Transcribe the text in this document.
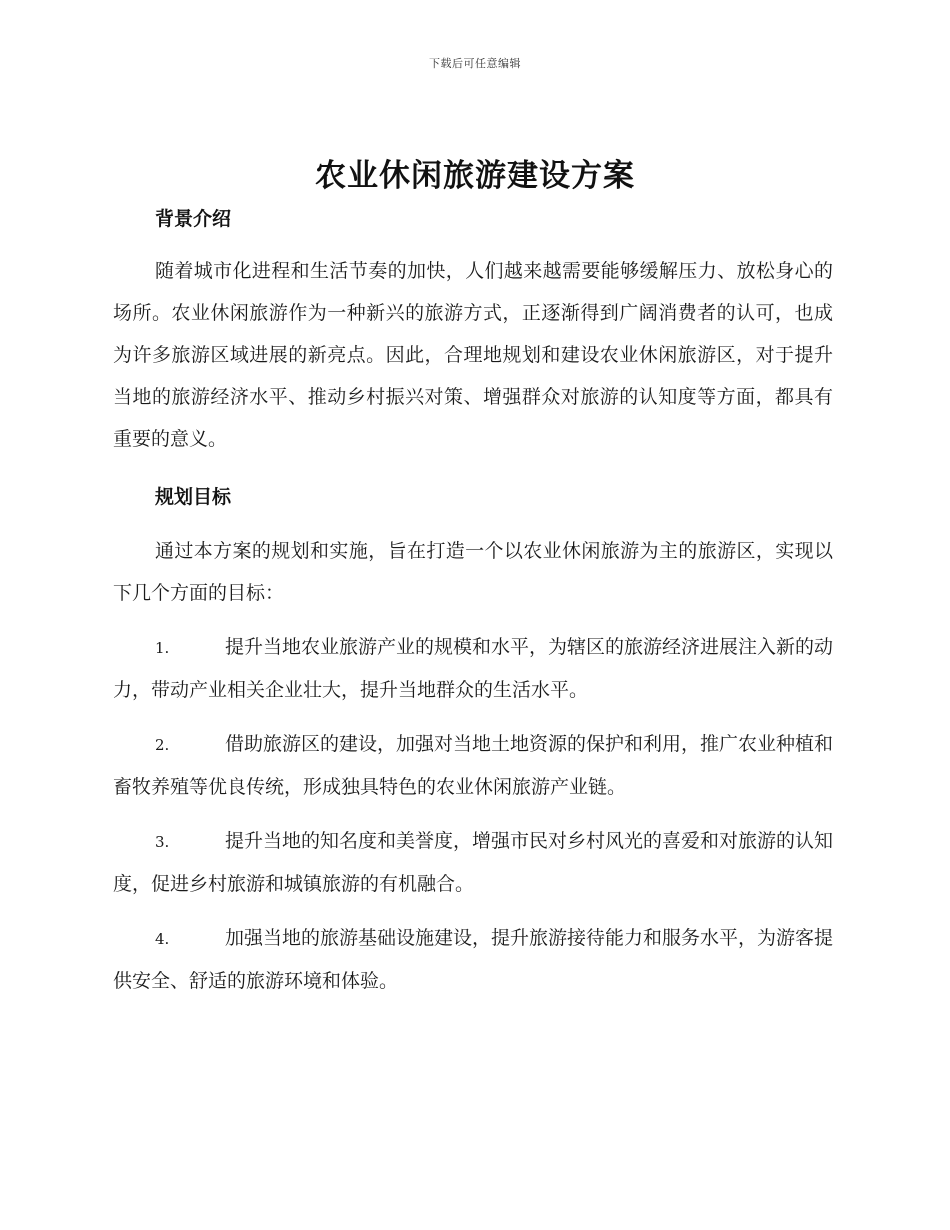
下载后可任意编辑
农业休闲旅游建设方案
背景介绍

随着城市化进程和生活节奏的加快，人们越来越需要能够缓解压力、放松身心的场所。农业休闲旅游作为一种新兴的旅游方式，正逐渐得到广阔消费者的认可，也成为许多旅游区域进展的新亮点。因此，合理地规划和建设农业休闲旅游区，对于提升当地的旅游经济水平、推动乡村振兴对策、增强群众对旅游的认知度等方面，都具有重要的意义。

规划目标

通过本方案的规划和实施，旨在打造一个以农业休闲旅游为主的旅游区，实现以下几个方面的目标：

1.	提升当地农业旅游产业的规模和水平，为辖区的旅游经济进展注入新的动力，带动产业相关企业壮大，提升当地群众的生活水平。

2.	借助旅游区的建设，加强对当地土地资源的保护和利用，推广农业种植和畜牧养殖等优良传统，形成独具特色的农业休闲旅游产业链。

3.	提升当地的知名度和美誉度，增强市民对乡村风光的喜爱和对旅游的认知度，促进乡村旅游和城镇旅游的有机融合。

4.	加强当地的旅游基础设施建设，提升旅游接待能力和服务水平，为游客提供安全、舒适的旅游环境和体验。
